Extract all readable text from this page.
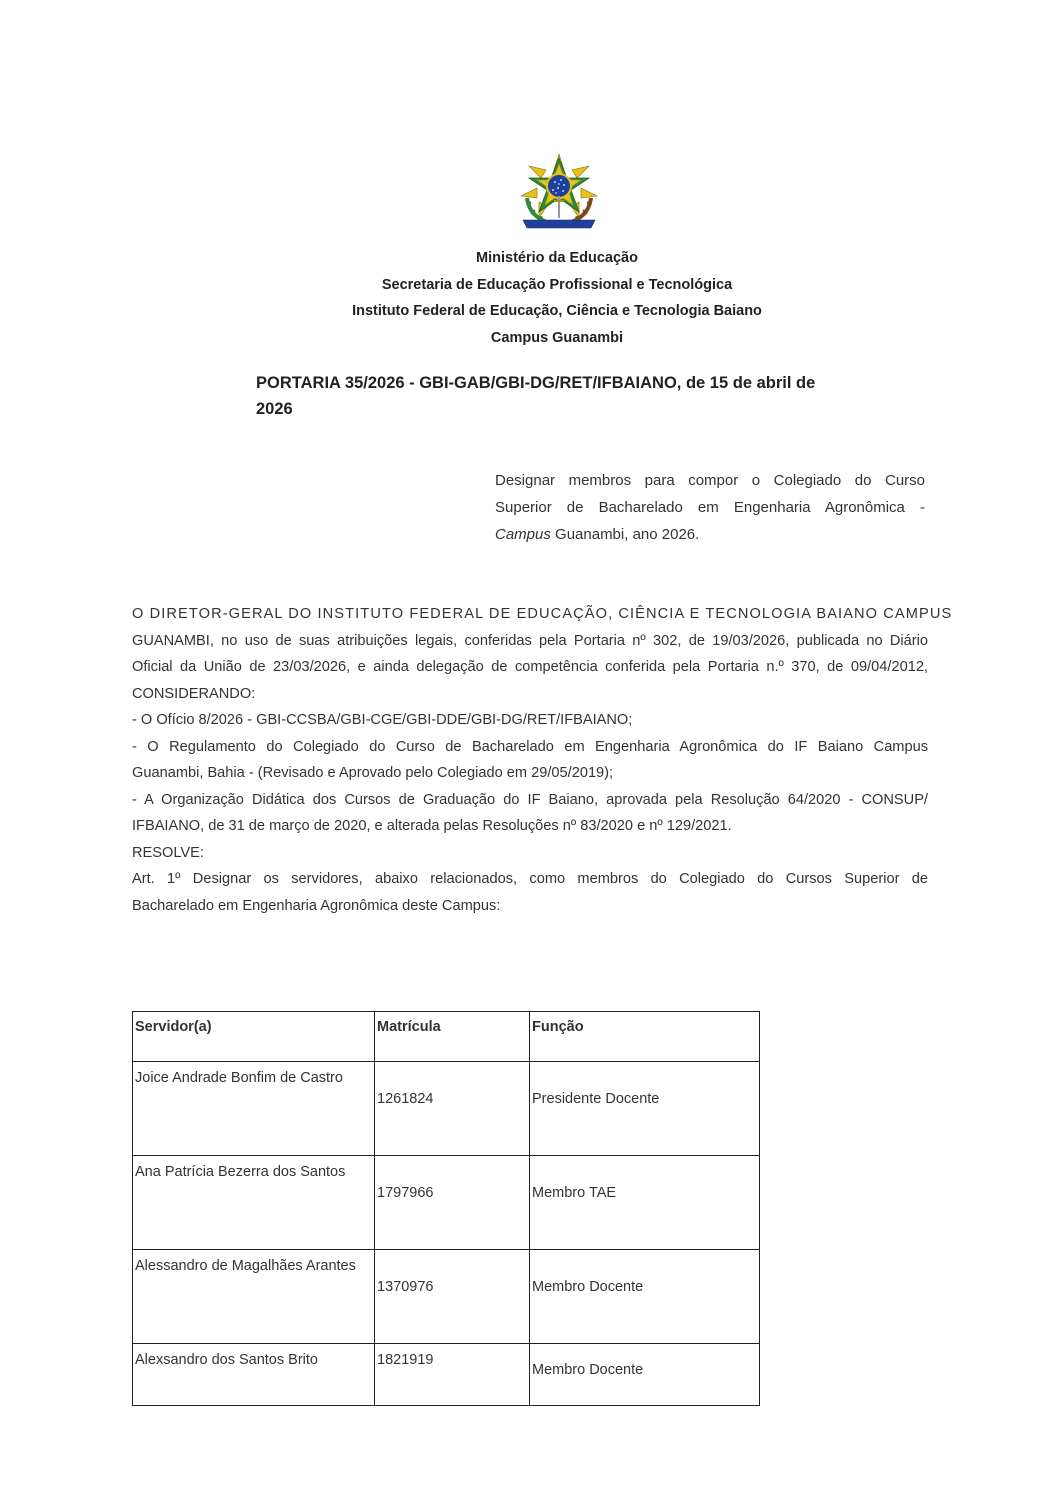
Ministério da Educação
Secretaria de Educação Profissional e Tecnológica
Instituto Federal de Educação, Ciência e Tecnologia Baiano
Campus Guanambi
PORTARIA 35/2026 - GBI-GAB/GBI-DG/RET/IFBAIANO, de 15 de abril de
2026
Designar membros para compor o Colegiado do Curso
Superior de Bacharelado em Engenharia Agronômica -
Campus Guanambi, ano 2026.
O DIRETOR-GERAL DO INSTITUTO FEDERAL DE EDUCAÇÃO, CIÊNCIA E TECNOLOGIA BAIANO CAMPUS
GUANAMBI, no uso de suas atribuições legais, conferidas pela Portaria nº 302, de 19/03/2026, publicada no Diário
Oficial da União de 23/03/2026, e ainda delegação de competência conferida pela Portaria n.º 370, de 09/04/2012,
CONSIDERANDO:
- O Ofício 8/2026 - GBI-CCSBA/GBI-CGE/GBI-DDE/GBI-DG/RET/IFBAIANO;
- O Regulamento do Colegiado do Curso de Bacharelado em Engenharia Agronômica do IF Baiano Campus
Guanambi, Bahia - (Revisado e Aprovado pelo Colegiado em 29/05/2019);
- A Organização Didática dos Cursos de Graduação do IF Baiano, aprovada pela Resolução 64/2020 - CONSUP/
IFBAIANO, de 31 de março de 2020, e alterada pelas Resoluções nº 83/2020 e nº 129/2021.
RESOLVE:
Art. 1º Designar os servidores, abaixo relacionados, como membros do Colegiado do Cursos Superior de
Bacharelado em Engenharia Agronômica deste Campus:
Servidor(a)	Matrícula	Função
Joice Andrade Bonfim de Castro	1261824	Presidente Docente
Ana Patrícia Bezerra dos Santos	1797966	Membro TAE
Alessandro de Magalhães Arantes	1370976	Membro Docente
Alexsandro dos Santos Brito	1821919	Membro Docente
